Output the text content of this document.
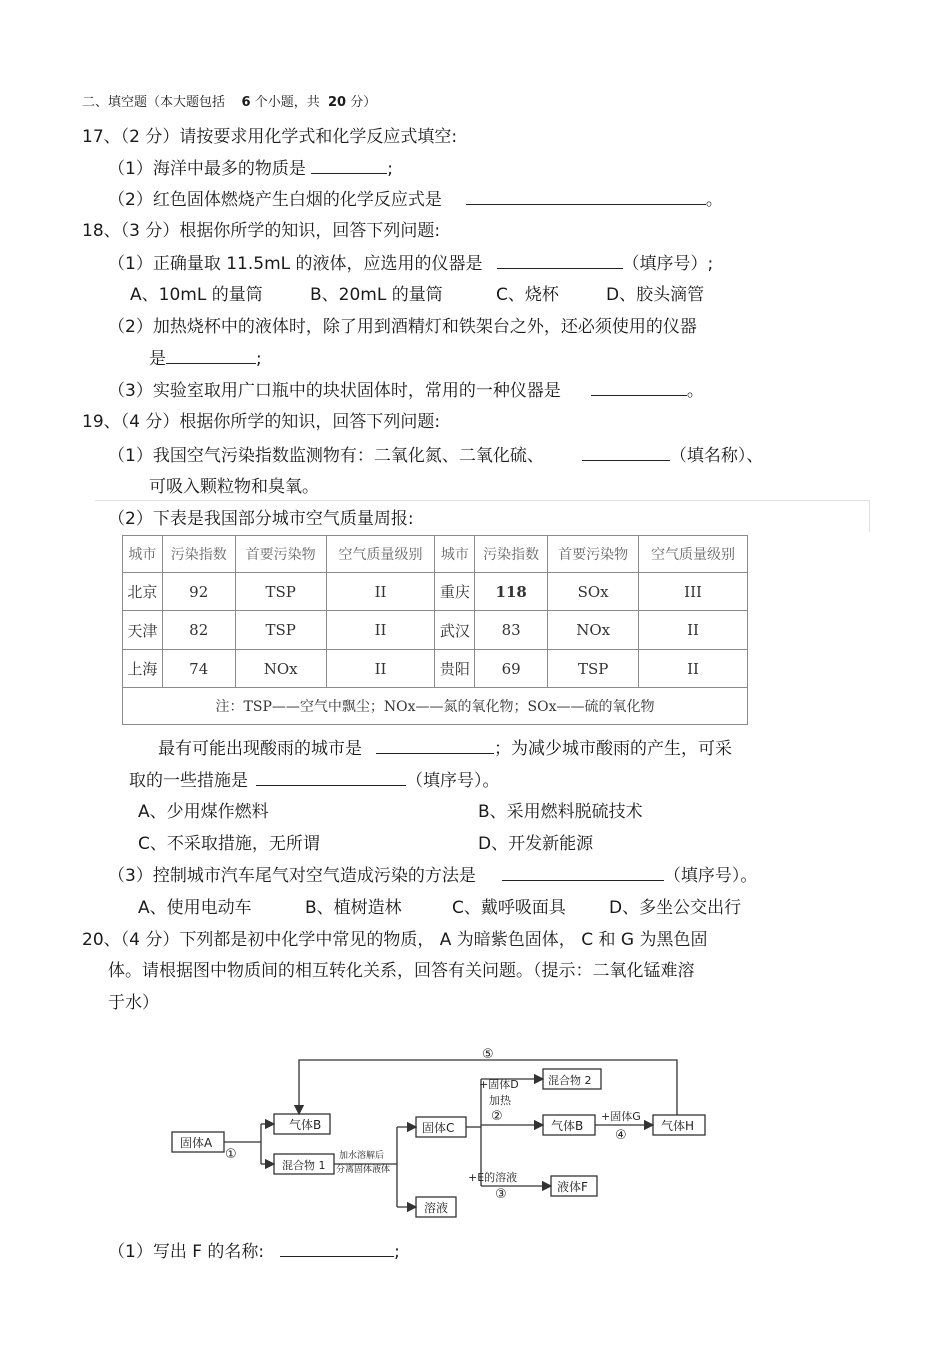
二、填空题（本大题包括 6 个小题，共 20 分）
17、（2 分）请按要求用化学式和化学反应式填空:
（1）海洋中最多的物质是	;
（2）红色固体燃烧产生白烟的化学反应式是	。
18、（3 分）根据你所学的知识，回答下列问题:
（1）正确量取 11.5mL 的液体，应选用的仪器是	（填序号）;
A、10mL 的量筒	B、20mL 的量筒	C、烧杯	D、胶头滴管
（2）加热烧杯中的液体时，除了用到酒精灯和铁架台之外，还必须使用的仪器
是	;
（3）实验室取用广口瓶中的块状固体时，常用的一种仪器是	。
19、（4 分）根据你所学的知识，回答下列问题:
（1）我国空气污染指数监测物有：二氧化氮、二氧化硫、	（填名称）、
可吸入颗粒物和臭氧。
（2）下表是我国部分城市空气质量周报:
城市	污染指数	首要污染物	空气质量级别	城市	污染指数	首要污染物	空气质量级别
北京	92	TSP	II	重庆	118	SOx	III
天津	82	TSP	II	武汉	83	NOx	II
上海	74	NOx	II	贵阳	69	TSP	II
注：TSP——空气中飘尘；NOx——氮的氧化物；SOx——硫的氧化物							
最有可能出现酸雨的城市是	；为减少城市酸雨的产生，可采
取的一些措施是	（填序号）。
A、少用煤作燃料	B、采用燃料脱硫技术
C、不采取措施，无所谓	D、开发新能源
（3）控制城市汽车尾气对空气造成污染的方法是	（填序号）。
A、使用电动车	B、植树造林	C、戴呼吸面具	D、多坐公交出行
20、（4 分）下列都是初中化学中常见的物质， A 为暗紫色固体， C 和 G 为黑色固
体。请根据图中物质间的相互转化关系，回答有关问题。（提示：二氧化锰难溶
于水）
固体A
气体B
混合物 1
固体C
溶液
混合物 2
气体B	气体H
液体F
加水溶解后
分离固体液体
+固体D
加热
+E的溶液
+固体G
①
②
③
④
⑤
（1）写出 F 的名称:	;
